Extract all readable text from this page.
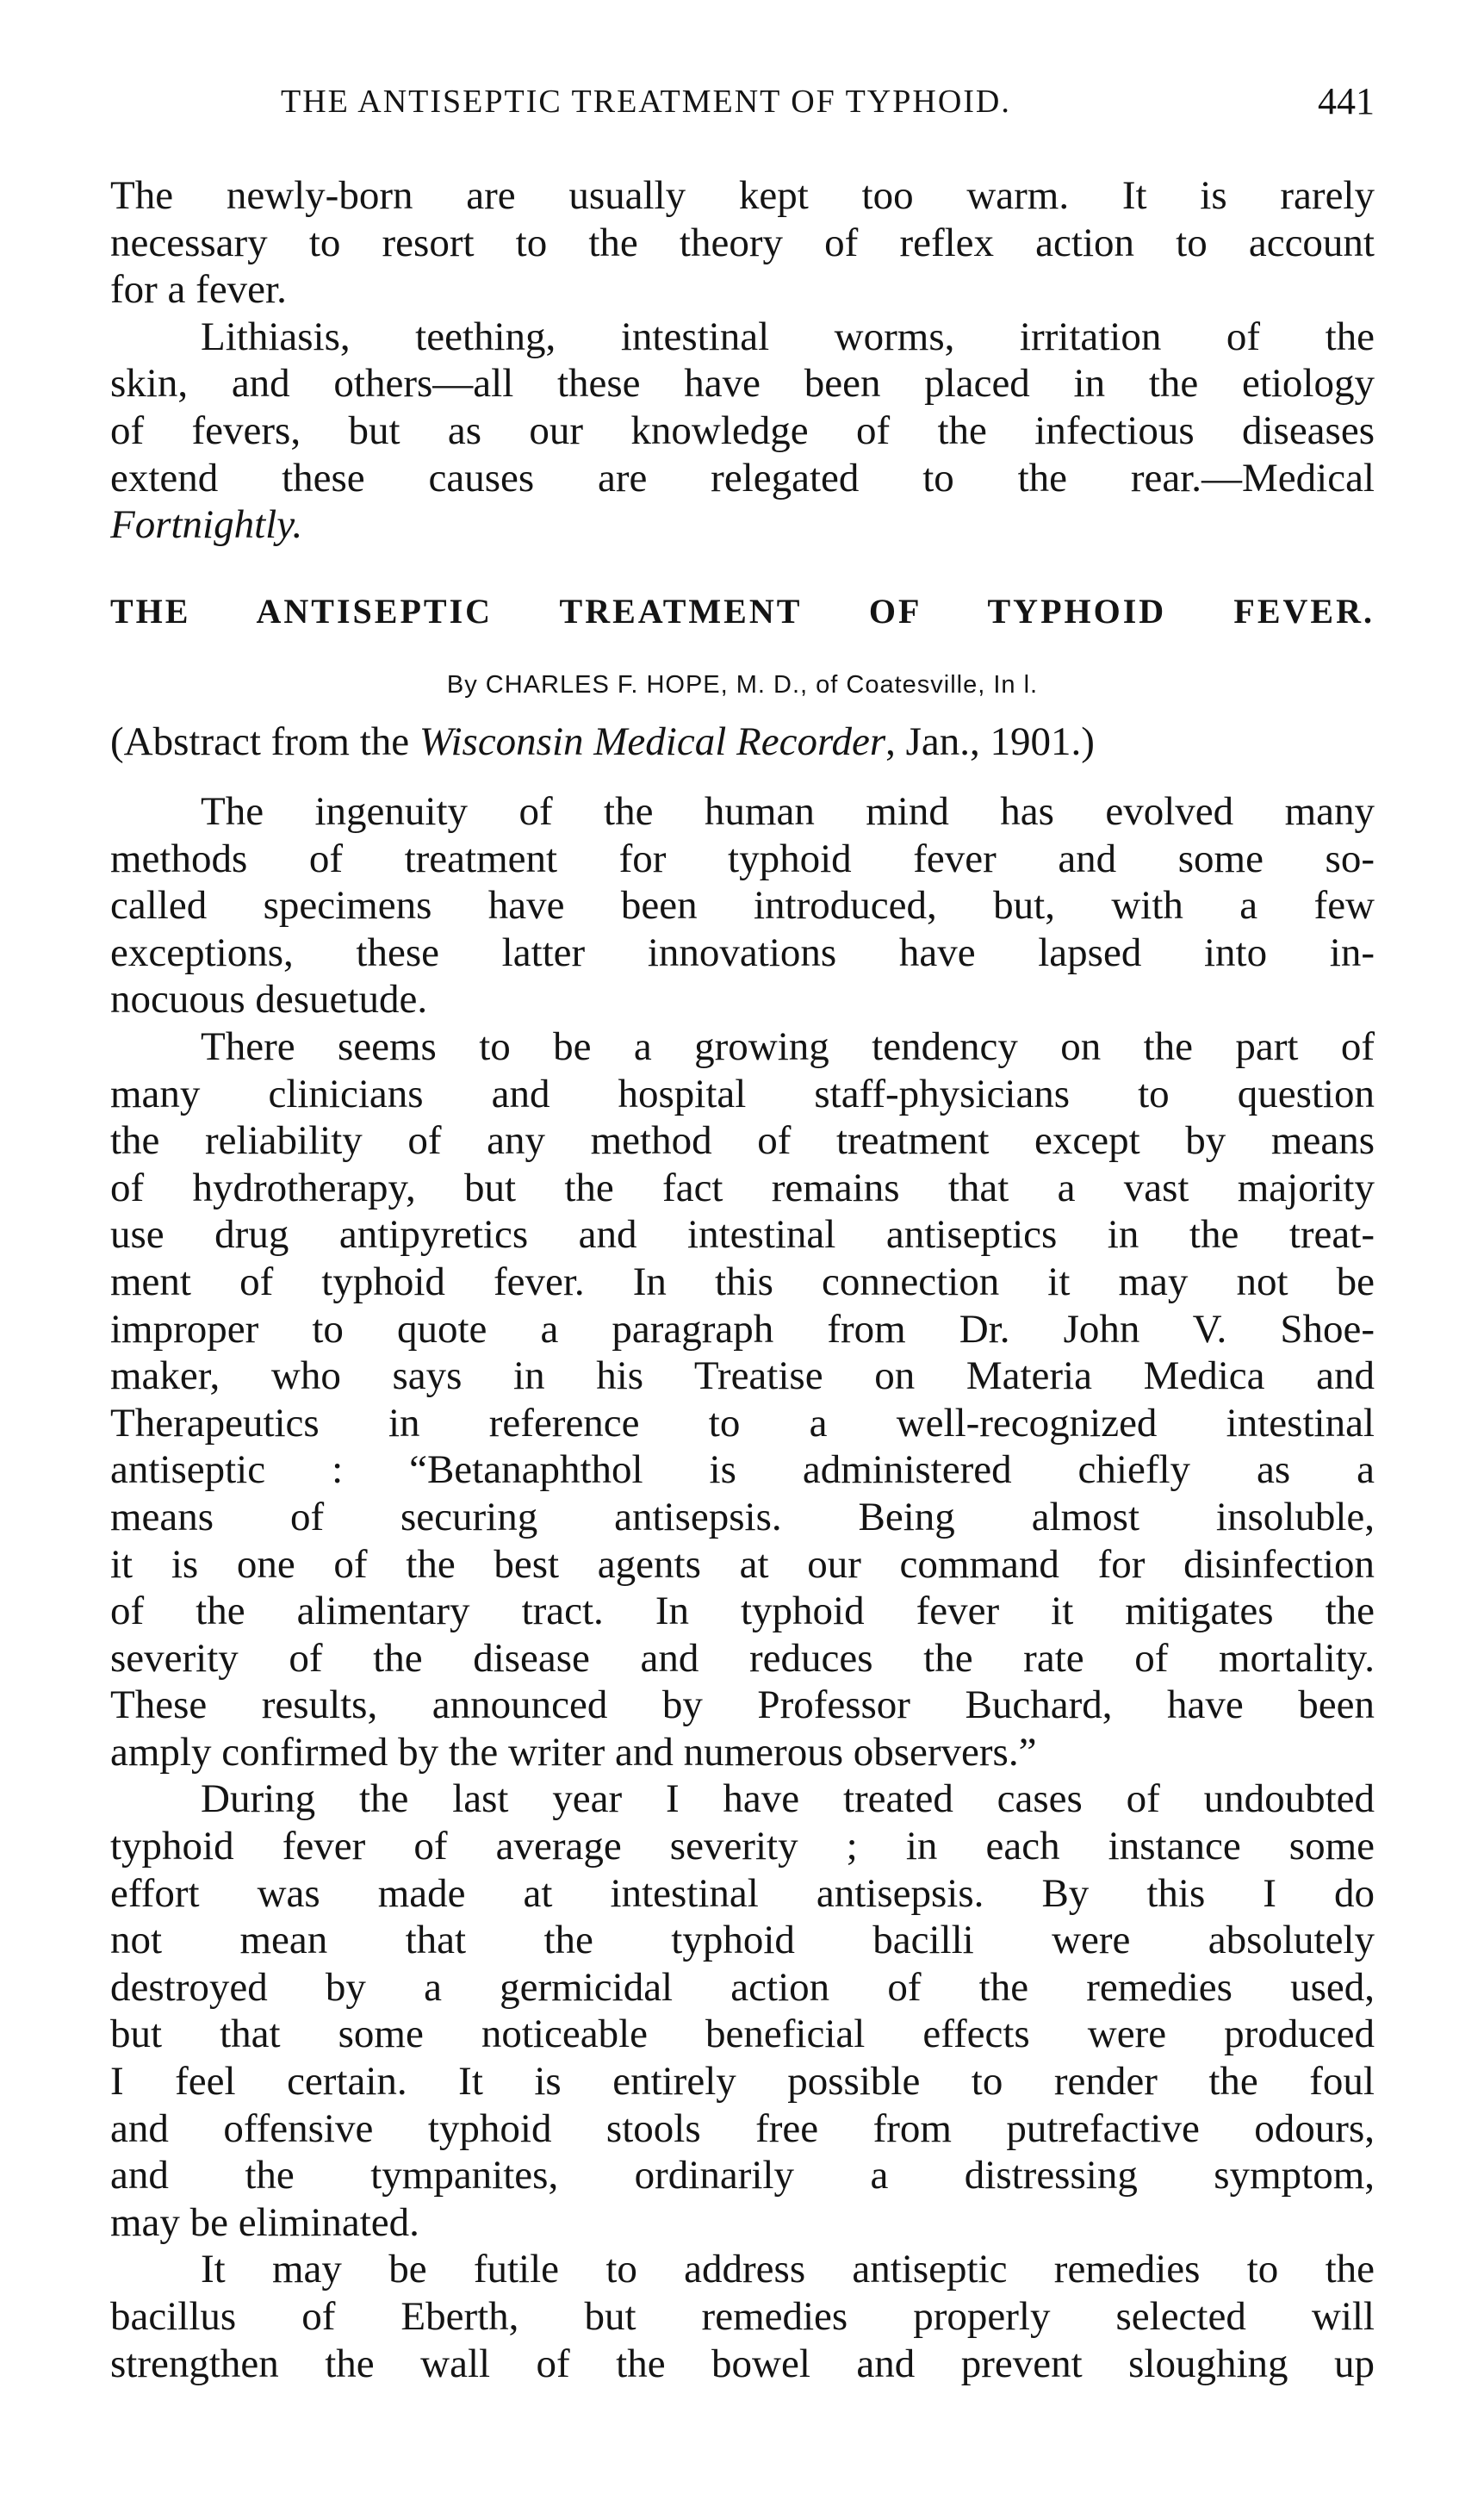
THE ANTISEPTIC TREATMENT OF TYPHOID.	441
The newly-born are usually kept too warm. It is rarely
necessary to resort to the theory of reflex action to account
for a fever.
Lithiasis, teething, intestinal worms, irritation of the
skin, and others—all these have been placed in the etiology
of fevers, but as our knowledge of the infectious diseases
extend these causes are relegated to the rear.—Medical
Fortnightly.
THE ANTISEPTIC TREATMENT OF TYPHOID FEVER.
By CHARLES F. HOPE, M. D., of Coatesville, In l.
(Abstract from the Wisconsin Medical Recorder, Jan., 1901.)
The ingenuity of the human mind has evolved many
methods of treatment for typhoid fever and some so-
called specimens have been introduced, but, with a few
exceptions, these latter innovations have lapsed into in-
nocuous desuetude.
There seems to be a growing tendency on the part of
many clinicians and hospital staff-physicians to question
the reliability of any method of treatment except by means
of hydrotherapy, but the fact remains that a vast majority
use drug antipyretics and intestinal antiseptics in the treat-
ment of typhoid fever. In this connection it may not be
improper to quote a paragraph from Dr. John V. Shoe-
maker, who says in his Treatise on Materia Medica and
Therapeutics in reference to a well-recognized intestinal
antiseptic : “Betanaphthol is administered chiefly as a
means of securing antisepsis. Being almost insoluble,
it is one of the best agents at our command for disinfection
of the alimentary tract. In typhoid fever it mitigates the
severity of the disease and reduces the rate of mortality.
These results, announced by Professor Buchard, have been
amply confirmed by the writer and numerous observers.”
During the last year I have treated cases of undoubted
typhoid fever of average severity ; in each instance some
effort was made at intestinal antisepsis. By this I do
not mean that the typhoid bacilli were absolutely
destroyed by a germicidal action of the remedies used,
but that some noticeable beneficial effects were produced
I feel certain. It is entirely possible to render the foul
and offensive typhoid stools free from putrefactive odours,
and the tympanites, ordinarily a distressing symptom,
may be eliminated.
It may be futile to address antiseptic remedies to the
bacillus of Eberth, but remedies properly selected will
strengthen the wall of the bowel and prevent sloughing up
